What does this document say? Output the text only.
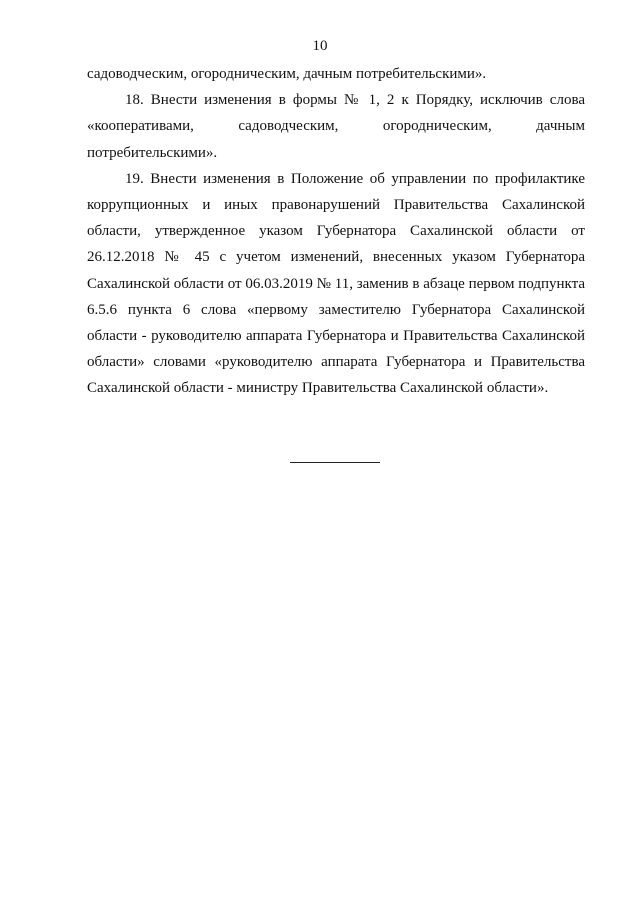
10

садоводческим, огородническим, дачным потребительскими».

18. Внести изменения в формы № 1, 2 к Порядку, исключив слова «кооперативами, садоводческим, огородническим, дачным потребительскими».

19. Внести изменения в Положение об управлении по профилактике коррупционных и иных правонарушений Правительства Сахалинской области, утвержденное указом Губернатора Сахалинской области от 26.12.2018 № 45 с учетом изменений, внесенных указом Губернатора Сахалинской области от 06.03.2019 № 11, заменив в абзаце первом подпункта 6.5.6 пункта 6 слова «первому заместителю Губернатора Сахалинской области - руководителю аппарата Губернатора и Правительства Сахалинской области» словами «руководителю аппарата Губернатора и Правительства Сахалинской области - министру Правительства Сахалинской области».
